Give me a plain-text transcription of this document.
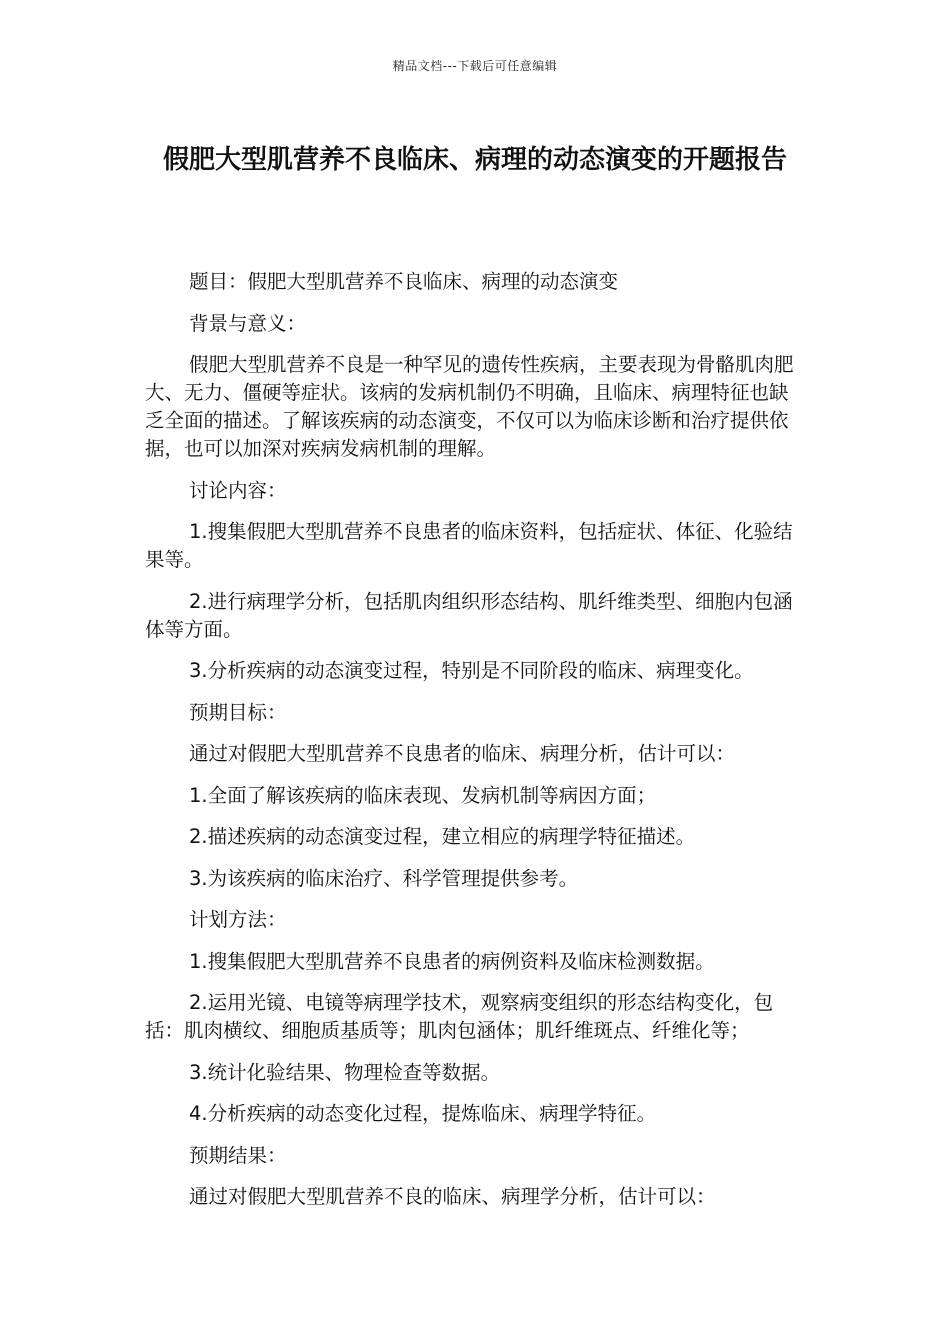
精品文档---下载后可任意编辑
假肥大型肌营养不良临床、病理的动态演变的开题报告

题目：假肥大型肌营养不良临床、病理的动态演变

背景与意义：

假肥大型肌营养不良是一种罕见的遗传性疾病，主要表现为骨骼肌肉肥大、无力、僵硬等症状。该病的发病机制仍不明确，且临床、病理特征也缺乏全面的描述。了解该疾病的动态演变，不仅可以为临床诊断和治疗提供依据，也可以加深对疾病发病机制的理解。

讨论内容：

1.搜集假肥大型肌营养不良患者的临床资料，包括症状、体征、化验结果等。

2.进行病理学分析，包括肌肉组织形态结构、肌纤维类型、细胞内包涵体等方面。

3.分析疾病的动态演变过程，特别是不同阶段的临床、病理变化。

预期目标：

通过对假肥大型肌营养不良患者的临床、病理分析，估计可以：

1.全面了解该疾病的临床表现、发病机制等病因方面；

2.描述疾病的动态演变过程，建立相应的病理学特征描述。

3.为该疾病的临床治疗、科学管理提供参考。

计划方法：

1.搜集假肥大型肌营养不良患者的病例资料及临床检测数据。

2.运用光镜、电镜等病理学技术，观察病变组织的形态结构变化，包括：肌肉横纹、细胞质基质等；肌肉包涵体；肌纤维斑点、纤维化等；

3.统计化验结果、物理检查等数据。

4.分析疾病的动态变化过程，提炼临床、病理学特征。

预期结果：

通过对假肥大型肌营养不良的临床、病理学分析，估计可以：
